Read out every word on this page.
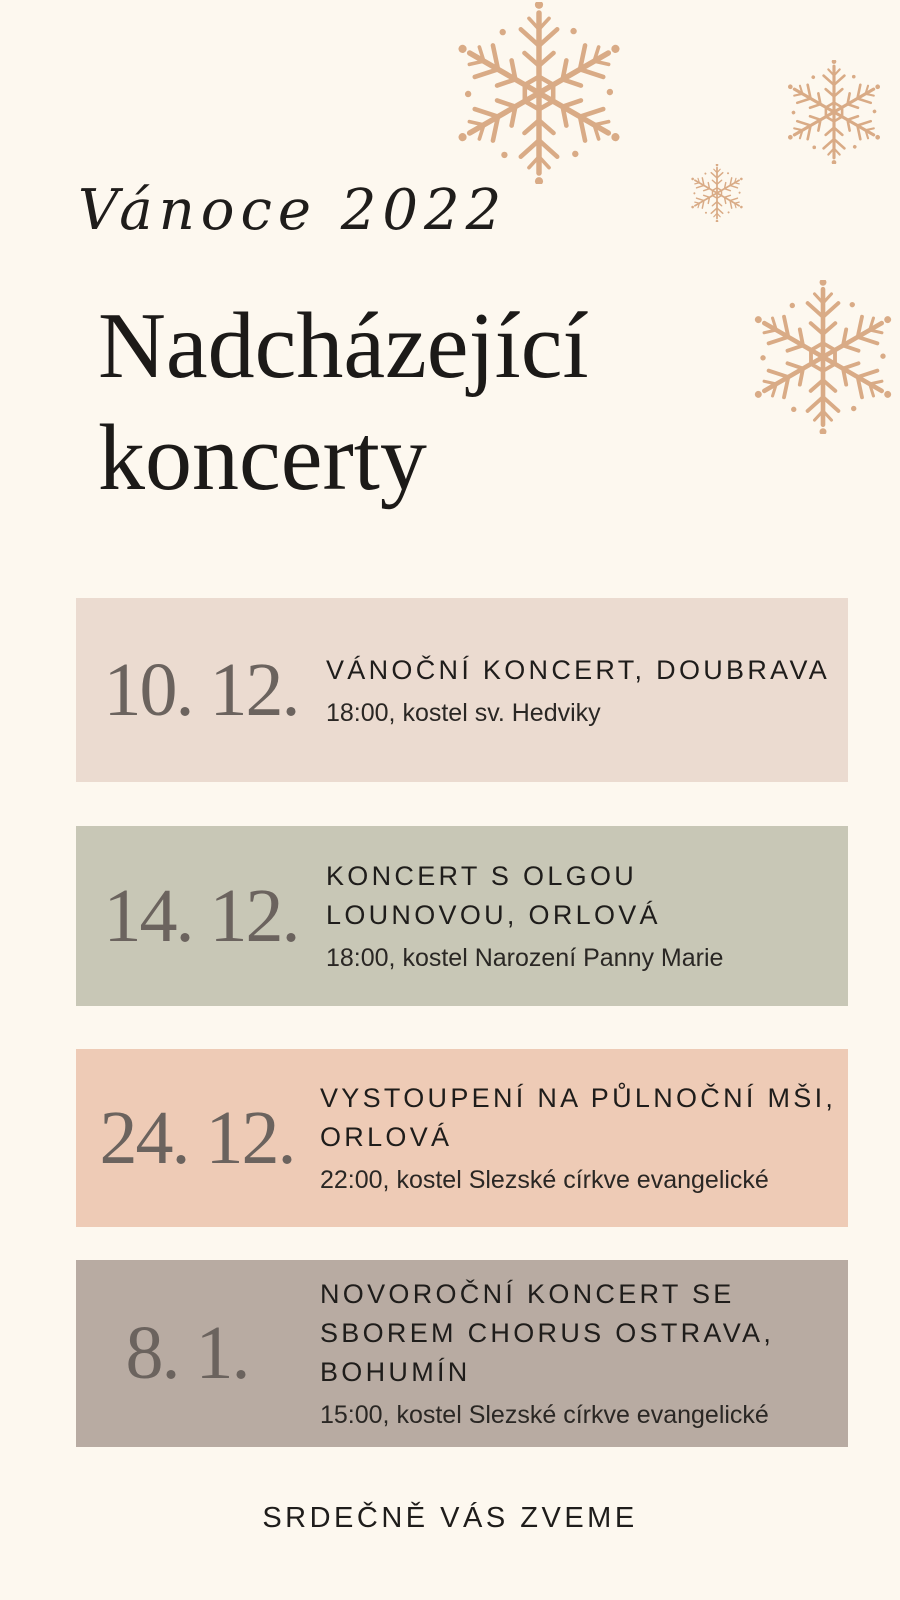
Vánoce 2022
Nadcházející
koncerty
10. 12.	VÁNOČNÍ KONCERT, DOUBRAVA
18:00, kostel sv. Hedviky
14. 12.	KONCERT S OLGOU LOUNOVOU, ORLOVÁ
18:00, kostel Narození Panny Marie
24. 12. VYSTOUPENÍ NA PŮLNOČNÍ MŠI, ORLOVÁ
22:00, kostel Slezské církve evangelické
8. 1.
NOVOROČNÍ KONCERT SE SBOREM CHORUS OSTRAVA, BOHUMÍN
15:00, kostel Slezské církve evangelické
SRDEČNĚ VÁS ZVEME
